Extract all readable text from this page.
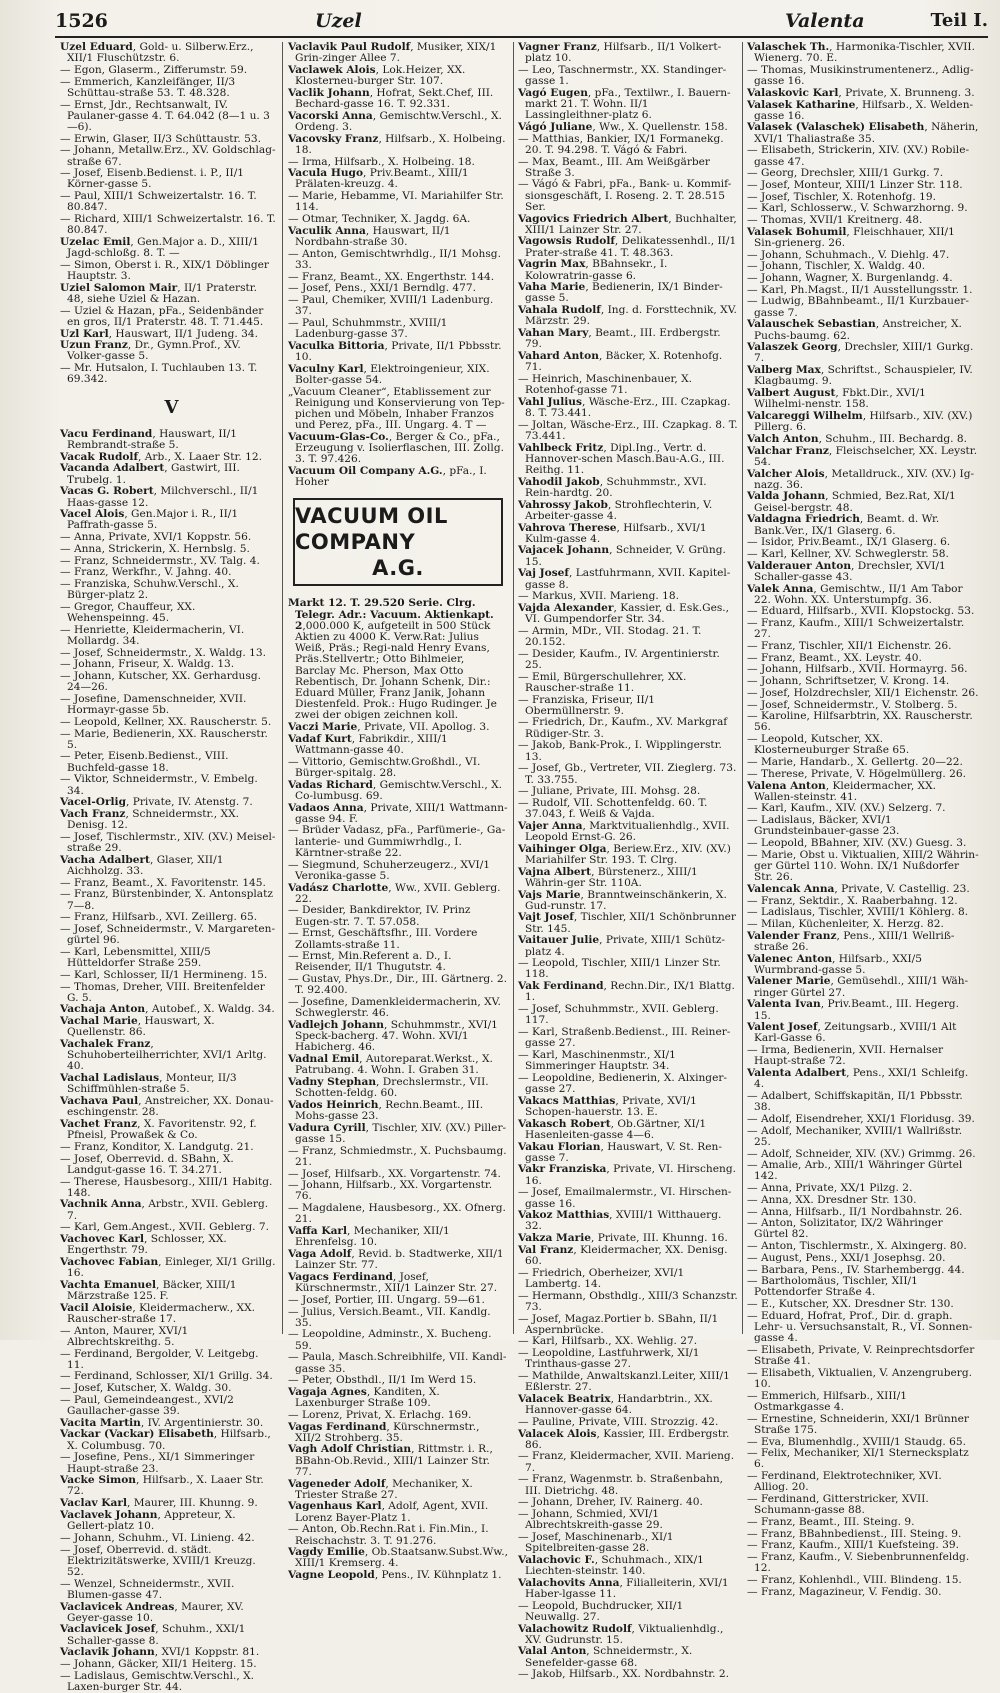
1526	Uzel	Valenta	Teil I.

Uzel Eduard, Gold- u. Silberw.Erz., XII/1 Fluschützstr. 6.

— Egon, Glaserm., Zifferumstr. 59.

— Emmerich, Kanzleifänger, II/3 Schüttau-straße 53. T. 48.328.

— Ernst, Jdr., Rechtsanwalt, IV. Paulaner-gasse 4. T. 64.042 (8—1 u. 3—6).

— Erwin, Glaser, II/3 Schüttaustr. 53.

— Johann, Metallw.Erz., XV. Goldschlag-straße 67.

— Josef, Eisenb.Bedienst. i. P., II/1 Körner-gasse 5.

— Paul, XIII/1 Schweizertalstr. 16. T. 80.847.

— Richard, XIII/1 Schweizertalstr. 16. T. 80.847.

Uzelac Emil, Gen.Major a. D., XIII/1 Jagd-schloßg. 8. T. —

— Simon, Oberst i. R., XIX/1 Döblinger Hauptstr. 3.

Uziel Salomon Mair, II/1 Praterstr. 48, siehe Uziel & Hazan.

— Uziel & Hazan, pFa., Seidenbänder en gros, II/1 Praterstr. 48. T. 71.445.

Uzl Karl, Hauswart, II/1 Judeng. 34.

Uzun Franz, Dr., Gymn.Prof., XV. Volker-gasse 5.

— Mr. Hutsalon, I. Tuchlauben 13. T. 69.342.

V

Vacu Ferdinand, Hauswart, II/1 Rembrandt-straße 5.

Vacak Rudolf, Arb., X. Laaer Str. 12.

Vacanda Adalbert, Gastwirt, III. Trubelg. 1.

Vacas G. Robert, Milchverschl., II/1 Haas-gasse 12.

Vacel Alois, Gen.Major i. R., II/1 Paffrath-gasse 5.

— Anna, Private, XVI/1 Koppstr. 56.

— Anna, Strickerin, X. Hernbslg. 5.

— Franz, Schneidermstr., XV. Talg. 4.

— Franz, Werkfhr., V. Jahng. 40.

— Franziska, Schuhw.Verschl., X. Bürger-platz 2.

— Gregor, Chauffeur, XX. Wehenspeinng. 45.

— Henriette, Kleidermacherin, VI. Mollardg. 34.

— Josef, Schneidermstr., X. Waldg. 13.

— Johann, Friseur, X. Waldg. 13.

— Johann, Kutscher, XX. Gerhardusg. 24—26.

— Josefine, Damenschneider, XVII. Hormayr-gasse 5b.

— Leopold, Kellner, XX. Rauscherstr. 5.

— Marie, Bedienerin, XX. Rauscherstr. 5.

— Peter, Eisenb.Bedienst., VIII. Buchfeld-gasse 18.

— Viktor, Schneidermstr., V. Embelg. 34.

Vacel-Orlig, Private, IV. Atenstg. 7.

Vach Franz, Schneidermstr., XX. Denisg. 12.

— Josef, Tischlermstr., XIV. (XV.) Meisel-straße 29.

Vacha Adalbert, Glaser, XII/1 Aichholzg. 33.

— Franz, Beamt., X. Favoritenstr. 145.

— Franz, Bürstenbinder, X. Antonsplatz 7—8.

— Franz, Hilfsarb., XVI. Zeillerg. 65.

— Josef, Schneidermstr., V. Margareten-gürtel 96.

— Karl, Lebensmittel, XIII/5 Hütteldorfer Straße 259.

— Karl, Schlosser, II/1 Hermineng. 15.

— Thomas, Dreher, VIII. Breitenfelder G. 5.

Vachaja Anton, Autobef., X. Waldg. 34.

Vachal Marie, Hauswart, X. Quellenstr. 86.

Vachalek Franz, Schuhoberteilherrichter, XVI/1 Arltg. 40.

Vachal Ladislaus, Monteur, II/3 Schiffmühlen-straße 5.

Vachava Paul, Anstreicher, XX. Donau-eschingenstr. 28.

Vachet Franz, X. Favoritenstr. 92, f. Pfneisl, Prowaßek & Co.

— Franz, Konditor, X. Landgutg. 21.

— Josef, Oberrevid. d. SBahn, X. Landgut-gasse 16. T. 34.271.

— Therese, Hausbesorg., XIII/1 Habitg. 148.

Vachnik Anna, Arbstr., XVII. Geblerg. 7.

— Karl, Gem.Angest., XVII. Geblerg. 7.

Vachovec Karl, Schlosser, XX. Engerthstr. 79.

Vachovec Fabian, Einleger, XI/1 Grillg. 16.

Vachta Emanuel, Bäcker, XIII/1 Märzstraße 125. F.

Vacil Aloisie, Kleidermacherw., XX. Rauscher-straße 17.

— Anton, Maurer, XVI/1 Albrechtskreithg. 5.

— Ferdinand, Bergolder, V. Leitgebg. 11.

— Ferdinand, Schlosser, XI/1 Grillg. 34.

— Josef, Kutscher, X. Waldg. 30.

— Paul, Gemeindeangest., XVI/2 Gaullacher-gasse 39.

Vacita Martin, IV. Argentinierstr. 30.

Vackar (Vackar) Elisabeth, Hilfsarb., X. Columbusg. 70.

— Josefine, Pens., XI/1 Simmeringer Haupt-straße 23.

Vacke Simon, Hilfsarb., X. Laaer Str. 72.

Vaclav Karl, Maurer, III. Khunng. 9.

Vaclavek Johann, Appreteur, X. Gellert-platz 10.

— Johann, Schuhm., VI. Linieng. 42.

— Josef, Oberrevid. d. städt. Elektrizitätswerke, XVIII/1 Kreuzg. 52.

— Wenzel, Schneidermstr., XVII. Blumen-gasse 47.

Vaclavicek Andreas, Maurer, XV. Geyer-gasse 10.

Vaclavicek Josef, Schuhm., XXI/1 Schaller-gasse 8.

Vaclavik Johann, XVI/1 Koppstr. 81.

— Johann, Gäcker, XII/1 Heiterg. 15.

— Ladislaus, Gemischtw.Verschl., X. Laxen-burger Str. 44.

Vaclavik Paul Rudolf, Musiker, XIX/1 Grin-zinger Allee 7.

Vaclawek Alois, Lok.Heizer, XX. Klosterneu-burger Str. 107.

Vaclik Johann, Hofrat, Sekt.Chef, III. Bechard-gasse 16. T. 92.331.

Vacorski Anna, Gemischtw.Verschl., X. Ordeng. 3.

Vacovsky Franz, Hilfsarb., X. Holbeing. 18.

— Irma, Hilfsarb., X. Holbeing. 18.

Vacula Hugo, Priv.Beamt., XIII/1 Prälaten-kreuzg. 4.

— Marie, Hebamme, VI. Mariahilfer Str. 114.

— Otmar, Techniker, X. Jagdg. 6A.

Vaculik Anna, Hauswart, II/1 Nordbahn-straße 30.

— Anton, Gemischtwrhdlg., II/1 Mohsg. 33.

— Franz, Beamt., XX. Engerthstr. 144.

— Josef, Pens., XXI/1 Berndlg. 477.

— Paul, Chemiker, XVIII/1 Ladenburg. 37.

— Paul, Schuhmmstr., XVIII/1 Ladenburg-gasse 37.

Vaculka Bittoria, Private, II/1 Pbbsstr. 10.

Vaculny Karl, Elektroingenieur, XIX. Bolter-gasse 54.

„Vacuum Cleaner“, Etablissement zur Reinigung und Konservierung von Tep-pichen und Möbeln, Inhaber Franzos und Perez, pFa., III. Ungarg. 4. T —

Vacuum-Glas-Co., Berger & Co., pFa., Erzeugung v. Isolierflaschen, III. Zollg. 3. T. 97.426.

Vacuum Oil Company A.G., pFa., I. Hoher

VACUUM OIL COMPANY
A.G.

Markt 12. T. 29.520 Serie. Clrg. Telegr. Adr.: Vacuum. Aktienkapt. 2,000.000 K, aufgeteilt in 500 Stück Aktien zu 4000 K. Verw.Rat: Julius Weiß, Präs.; Regi-nald Henry Evans, Präs.Stellvertr.; Otto Bihlmeier, Barclay Mc. Pherson, Max Otto Rebentisch, Dr. Johann Schenk, Dir.: Eduard Müller, Franz Janik, Johann Diestenfeld. Prok.: Hugo Rudinger. Je zwei der obigen zeichnen koll.

Vaczi Marie, Private, VII. Apollog. 3.

Vadaf Kurt, Fabrikdir., XIII/1 Wattmann-gasse 40.

— Vittorio, Gemischtw.Großhdl., VI. Bürger-spitalg. 28.

Vadas Richard, Gemischtw.Verschl., X. Co-lumbusg. 69.

Vadaos Anna, Private, XIII/1 Wattmann-gasse 94. F.

— Brüder Vadasz, pFa., Parfümerie-, Ga-lanterie- und Gummiwrhdlg., I. Kärntner-straße 22.

— Siegmund, Schuherzeugerz., XVI/1 Veronika-gasse 5.

Vadász Charlotte, Ww., XVII. Geblerg. 22.

— Desider, Bankdirektor, IV. Prinz Eugen-str. 7. T. 57.058.

— Ernst, Geschäftsfhr., III. Vordere Zollamts-straße 11.

— Ernst, Min.Referent a. D., I. Reisender, II/1 Thugutstr. 4.

— Gustav, Phys.Dr., Dir., III. Gärtnerg. 2. T. 92.400.

— Josefine, Damenkleidermacherin, XV. Schweglerstr. 46.

Vadlejch Johann, Schuhmmstr., XVI/1 Speck-bacherg. 47. Wohn. XVI/1 Habicherg. 46.

Vadnal Emil, Autoreparat.Werkst., X. Patrubang. 4. Wohn. I. Graben 31.

Vadny Stephan, Drechslermstr., VII. Schotten-feldg. 60.

Vados Heinrich, Rechn.Beamt., III. Mohs-gasse 23.

Vadura Cyrill, Tischler, XIV. (XV.) Piller-gasse 15.

— Franz, Schmiedmstr., X. Puchsbaumg. 21.

— Josef, Hilfsarb., XX. Vorgartenstr. 74.

— Johann, Hilfsarb., XX. Vorgartenstr. 76.

— Magdalene, Hausbesorg., XX. Ofnerg. 21.

Vaffa Karl, Mechaniker, XII/1 Ehrenfelsg. 10.

Vaga Adolf, Revid. b. Stadtwerke, XII/1 Lainzer Str. 77.

Vagacs Ferdinand, Josef, Kürschnermstr., XII/1 Lainzer Str. 27.

— Josef, Portier, III. Ungarg. 59—61.

— Julius, Versich.Beamt., VII. Kandlg. 35.

— Leopoldine, Adminstr., X. Bucheng. 59.

— Paula, Masch.Schreibhilfe, VII. Kandl-gasse 35.

— Peter, Obsthdl., II/1 Im Werd 15.

Vagaja Agnes, Kanditen, X. Laxenburger Straße 109.

— Lorenz, Privat, X. Erlachg. 169.

Vagas Ferdinand, Kürschnermstr., XII/2 Strohberg. 35.

Vagh Adolf Christian, Rittmstr. i. R., BBahn-Ob.Revid., XIII/1 Lainzer Str. 77.

Vageneder Adolf, Mechaniker, X. Triester Straße 27.

Vagenhaus Karl, Adolf, Agent, XVII. Lorenz Bayer-Platz 1.

— Anton, Ob.Rechn.Rat i. Fin.Min., I. Reischachstr. 3. T. 91.276.

Vagdy Emilie, Ob.Staatsanw.Subst.Ww., XIII/1 Kremserg. 4.

Vagne Leopold, Pens., IV. Kühnplatz 1.

Vagner Franz, Hilfsarb., II/1 Volkert-platz 10.

— Leo, Taschnermstr., XX. Standinger-gasse 1.

Vagó Eugen, pFa., Textilwr., I. Bauern-markt 21. T. Wohn. II/1 Lassingleithner-platz 6.

Vágó Juliane, Ww., X. Quellenstr. 158.

— Matthias, Bankier, IX/1 Formanekg. 20. T. 94.298. T. Vágó & Fabri.

— Max, Beamt., III. Am Weißgärber Straße 3.

— Vágó & Fabri, pFa., Bank- u. Kommif-sionsgeschäft, I. Roseng. 2. T. 28.515 Ser.

Vagovics Friedrich Albert, Buchhalter, XIII/1 Lainzer Str. 27.

Vagowsis Rudolf, Delikatessenhdl., II/1 Prater-straße 41. T. 48.363.

Vagrin Max, BBahnsekr., I. Kolowratrin-gasse 6.

Vaha Marie, Bedienerin, IX/1 Binder-gasse 5.

Vahala Rudolf, Ing. d. Forsttechnik, XV. Märzstr. 29.

Vahan Mary, Beamt., III. Erdbergstr. 79.

Vahard Anton, Bäcker, X. Rotenhofg. 71.

— Heinrich, Maschinenbauer, X. Rotenhof-gasse 71.

Vahl Julius, Wäsche-Erz., III. Czapkag. 8. T. 73.441.

— Joltan, Wäsche-Erz., III. Czapkag. 8. T. 73.441.

Vahlbeck Fritz, Dipl.Ing., Vertr. d. Hannover-schen Masch.Bau-A.G., III. Reithg. 11.

Vahodil Jakob, Schuhmmstr., XVI. Rein-hardtg. 20.

Vahrossy Jakob, Strohflechterin, V. Arbeiter-gasse 4.

Vahrova Therese, Hilfsarb., XVI/1 Kulm-gasse 4.

Vajacek Johann, Schneider, V. Grüng. 15.

Vaj Josef, Lastfuhrmann, XVII. Kapitel-gasse 8.

— Markus, XVII. Marieng. 18.

Vajda Alexander, Kassier, d. Esk.Ges., VI. Gumpendorfer Str. 34.

— Armin, MDr., VII. Stodag. 21. T. 20.152.

— Desider, Kaufm., IV. Argentinierstr. 25.

— Emil, Bürgerschullehrer, XX. Rauscher-straße 11.

— Franziska, Friseur, II/1 Obermüllnerstr. 9.

— Friedrich, Dr., Kaufm., XV. Markgraf Rüdiger-Str. 3.

— Jakob, Bank-Prok., I. Wipplingerstr. 13.

— Josef, Gb., Vertreter, VII. Zieglerg. 73. T. 33.755.

— Juliane, Private, III. Mohsg. 28.

— Rudolf, VII. Schottenfeldg. 60. T. 37.043, f. Weiß & Vajda.

Vajer Anna, Marktvitualienhdlg., XVII. Leopold Ernst-G. 26.

Vaihinger Olga, Beriew.Erz., XIV. (XV.) Mariahilfer Str. 193. T. Clrg.

Vajna Albert, Bürstenerz., XIII/1 Währin-ger Str. 110A.

Vajs Marie, Branntweinschänkerin, X. Gud-runstr. 17.

Vajt Josef, Tischler, XII/1 Schönbrunner Str. 145.

Vaitauer Julie, Private, XIII/1 Schütz-platz 4.

— Leopold, Tischler, XIII/1 Linzer Str. 118.

Vak Ferdinand, Rechn.Dir., IX/1 Blattg. 1.

— Josef, Schuhmmstr., XVII. Geblerg. 117.

— Karl, Straßenb.Bedienst., III. Reiner-gasse 27.

— Karl, Maschinenmstr., XI/1 Simmeringer Hauptstr. 34.

— Leopoldine, Bedienerin, X. Alxinger-gasse 27.

Vakacs Matthias, Private, XVI/1 Schopen-hauerstr. 13. E.

Vakasch Robert, Ob.Gärtner, XI/1 Hasenleiten-gasse 4—6.

Vakau Florian, Hauswart, V. St. Ren-gasse 7.

Vakr Franziska, Private, VI. Hirscheng. 16.

— Josef, Emailmalermstr., VI. Hirschen-gasse 16.

Vakoz Matthias, XVIII/1 Witthauerg. 32.

Vakza Marie, Private, III. Khunng. 16.

Val Franz, Kleidermacher, XX. Denisg. 60.

— Friedrich, Oberheizer, XVI/1 Lambertg. 14.

— Hermann, Obsthdlg., XIII/3 Schanzstr. 73.

— Josef, Magaz.Portier b. SBahn, II/1 Aspernbrücke.

— Karl, Hilfsarb., XX. Wehlig. 27.

— Leopoldine, Lastfuhrwerk, XI/1 Trinthaus-gasse 27.

— Mathilde, Anwaltskanzl.Leiter, XIII/1 Eßlerstr. 27.

Valacek Beatrix, Handarbtrin., XX. Hannover-gasse 64.

— Pauline, Private, VIII. Strozzig. 42.

Valacek Alois, Kassier, III. Erdbergstr. 86.

— Franz, Kleidermacher, XVII. Marieng. 7.

— Franz, Wagenmstr. b. Straßenbahn, III. Dietrichg. 48.

— Johann, Dreher, IV. Rainerg. 40.

— Johann, Schmied, XVI/1 Albrechtskreith-gasse 29.

— Josef, Maschinenarb., XI/1 Spitelbreiten-gasse 28.

Valachovic F., Schuhmach., XIX/1 Liechten-steinstr. 140.

Valachovits Anna, Filialleiterin, XVI/1 Haber-lgasse 11.

— Leopold, Buchdrucker, XII/1 Neuwallg. 27.

Valachowitz Rudolf, Viktualienhdlg., XV. Gudrunstr. 15.

Valal Anton, Schneidermstr., X. Senefelder-gasse 68.

— Jakob, Hilfsarb., XX. Nordbahnstr. 2.

Valaschek Th., Harmonika-Tischler, XVII. Wienerg. 70. E.

— Thomas, Musikinstrumentenerz., Adlig-gasse 16.

Valaskovic Karl, Private, X. Brunneng. 3.

Valasek Katharine, Hilfsarb., X. Welden-gasse 16.

Valasek (Valaschek) Elisabeth, Näherin, XVI/1 Thaliastraße 35.

— Elisabeth, Strickerin, XIV. (XV.) Robile-gasse 47.

— Georg, Drechsler, XIII/1 Gurkg. 7.

— Josef, Monteur, XIII/1 Linzer Str. 118.

— Josef, Tischler, X. Rotenhofg. 19.

— Karl, Schlosserw., V. Schwarzhorng. 9.

— Thomas, XVII/1 Kreitnerg. 48.

Valasek Bohumil, Fleischhauer, XII/1 Sin-grienerg. 26.

— Johann, Schuhmach., V. Diehlg. 47.

— Johann, Tischler, X. Waldg. 40.

— Johann, Wagner, X. Burgenlandg. 4.

— Karl, Ph.Magst., II/1 Ausstellungsstr. 1.

— Ludwig, BBahnbeamt., II/1 Kurzbauer-gasse 7.

Valauschek Sebastian, Anstreicher, X. Puchs-baumg. 62.

Valaszek Georg, Drechsler, XIII/1 Gurkg. 7.

Valberg Max, Schriftst., Schauspieler, IV. Klagbaumg. 9.

Valbert August, Fbkt.Dir., XVI/1 Wilhelmi-nenstr. 158.

Valcareggi Wilhelm, Hilfsarb., XIV. (XV.) Pillerg. 6.

Valch Anton, Schuhm., III. Bechardg. 8.

Valchar Franz, Fleischselcher, XX. Leystr. 54.

Valcher Alois, Metalldruck., XIV. (XV.) Ig-nazg. 36.

Valda Johann, Schmied, Bez.Rat, XI/1 Geisel-bergstr. 48.

Valdagna Friedrich, Beamt. d. Wr. Bank.Ver., IX/1 Glaserg. 6.

— Isidor, Priv.Beamt., IX/1 Glaserg. 6.

— Karl, Kellner, XV. Schweglerstr. 58.

Valderauer Anton, Drechsler, XVI/1 Schaller-gasse 43.

Valek Anna, Gemischtw., II/1 Am Tabor 22. Wohn. XX. Unterstumpfg. 36.

— Eduard, Hilfsarb., XVII. Klopstockg. 53.

— Franz, Kaufm., XIII/1 Schweizertalstr. 27.

— Franz, Tischler, XII/1 Eichenstr. 26.

— Franz, Beamt., XX. Leystr. 40.

— Johann, Hilfsarb., XVII. Hormayrg. 56.

— Johann, Schriftsetzer, V. Krong. 14.

— Josef, Holzdrechsler, XII/1 Eichenstr. 26.

— Josef, Schneidermstr., V. Stolberg. 5.

— Karoline, Hilfsarbtrin, XX. Rauscherstr. 56.

— Leopold, Kutscher, XX. Klosterneuburger Straße 65.

— Marie, Handarb., X. Gellertg. 20—22.

— Therese, Private, V. Högelmüllerg. 26.

Valena Anton, Kleidermacher, XX. Wallen-steinstr. 41.

— Karl, Kaufm., XIV. (XV.) Selzerg. 7.

— Ladislaus, Bäcker, XVI/1 Grundsteinbauer-gasse 23.

— Leopold, BBahner, XIV. (XV.) Guesg. 3.

— Marie, Obst u. Viktualien, XIII/2 Währin-ger Gürtel 110. Wohn. IX/1 Nußdorfer Str. 26.

Valencak Anna, Private, V. Castellig. 23.

— Franz, Sektdir., X. Raaberbahng. 12.

— Ladislaus, Tischler, XVIII/1 Köhlerg. 8.

— Milan, Küchenleiter, X. Herzg. 82.

Valender Franz, Pens., XIII/1 Wellriß-straße 26.

Valenec Anton, Hilfsarb., XXI/5 Wurmbrand-gasse 5.

Valener Marie, Gemüsehdl., XIII/1 Wäh-ringer Gürtel 27.

Valenta Ivan, Priv.Beamt., III. Hegerg. 15.

Valent Josef, Zeitungsarb., XVIII/1 Alt Karl-Gasse 6.

— Irma, Bedienerin, XVII. Hernalser Haupt-straße 72.

Valenta Adalbert, Pens., XXI/1 Schleifg. 4.

— Adalbert, Schiffskapitän, II/1 Pbbsstr. 38.

— Adolf, Eisendreher, XXI/1 Floridusg. 39.

— Adolf, Mechaniker, XVIII/1 Wallrißstr. 25.

— Adolf, Schneider, XIV. (XV.) Grimmg. 26.

— Amalie, Arb., XIII/1 Währinger Gürtel 142.

— Anna, Private, XX/1 Pilzg. 2.

— Anna, XX. Dresdner Str. 130.

— Anna, Hilfsarb., II/1 Nordbahnstr. 26.

— Anton, Solizitator, IX/2 Währinger Gürtel 82.

— Anton, Tischlermstr., X. Alxingerg. 80.

— August, Pens., XXI/1 Josephsg. 20.

— Barbara, Pens., IV. Starhembergg. 44.

— Bartholomäus, Tischler, XII/1 Pottendorfer Straße 4.

— E., Kutscher, XX. Dresdner Str. 130.

— Eduard, Hofrat, Prof., Dir. d. graph. Lehr- u. Versuchsanstalt, R., VI. Sonnen-gasse 4.

— Elisabeth, Private, V. Reinprechtsdorfer Straße 41.

— Elisabeth, Viktualien, V. Anzengruberg. 10.

— Emmerich, Hilfsarb., XIII/1 Ostmarkgasse 4.

— Ernestine, Schneiderin, XXI/1 Brünner Straße 175.

— Eva, Blumenhdlg., XVIII/1 Staudg. 65.

— Felix, Mechaniker, XI/1 Sternecksplatz 6.

— Ferdinand, Elektrotechniker, XVI. Alliog. 20.

— Ferdinand, Gitterstricker, XVII. Schumann-gasse 88.

— Franz, Beamt., III. Steing. 9.

— Franz, BBahnbedienst., III. Steing. 9.

— Franz, Kaufm., XIII/1 Kuefsteing. 39.

— Franz, Kaufm., V. Siebenbrunnenfeldg. 12.

— Franz, Kohlenhdl., VIII. Blindeng. 15.

— Franz, Magazineur, V. Fendig. 30.
